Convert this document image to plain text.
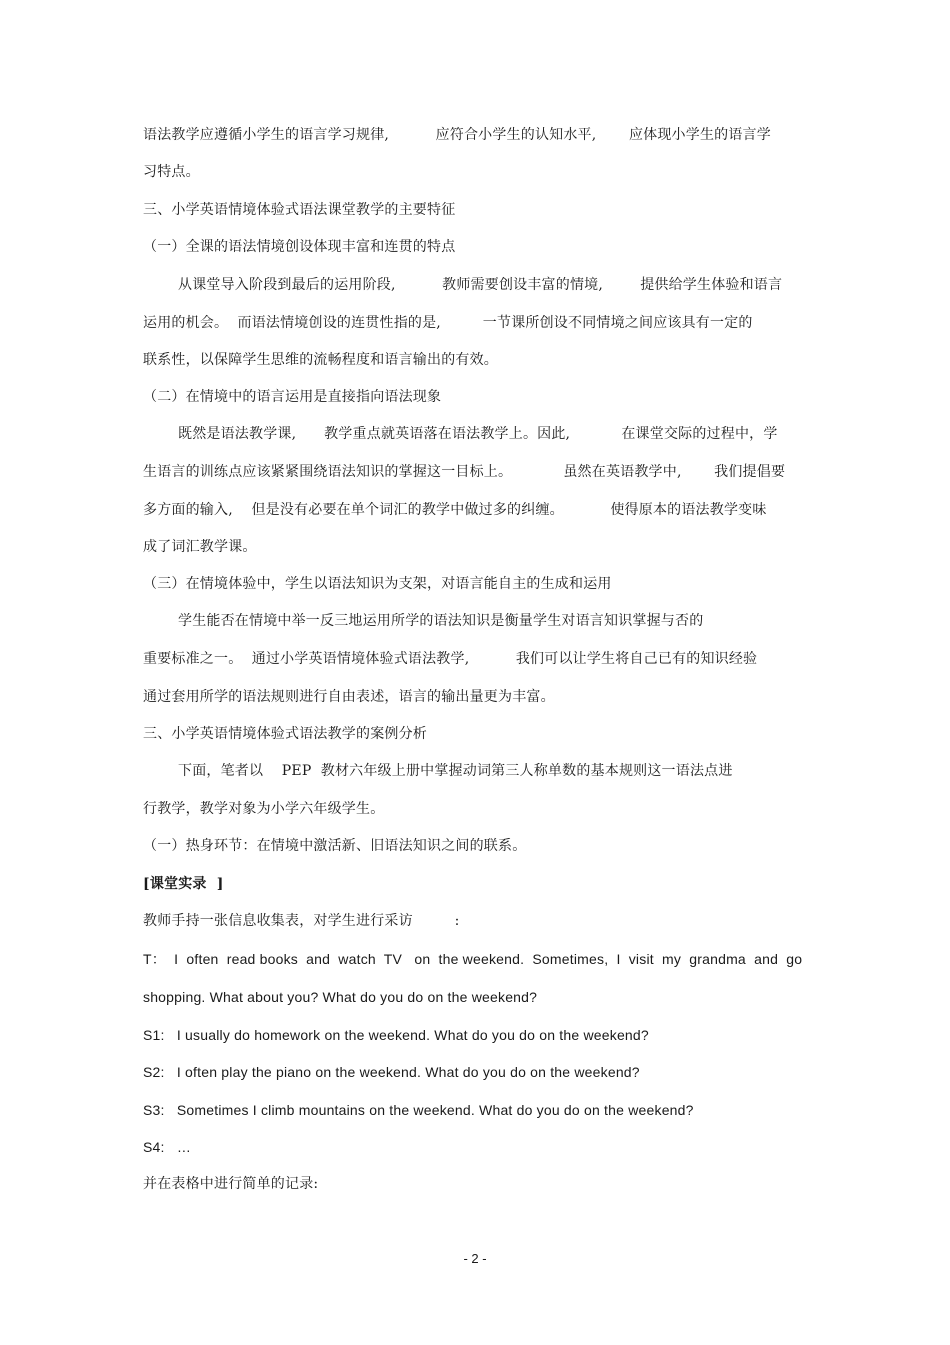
语法教学应遵循小学生的语言学习规律,          应符合小学生的认知水平,       应体现小学生的语言学
习特点。
三、小学英语情境体验式语法课堂教学的主要特征
（一）全课的语法情境创设体现丰富和连贯的特点
从课堂导入阶段到最后的运用阶段,          教师需要创设丰富的情境,        提供给学生体验和语言
运用的机会。  而语法情境创设的连贯性指的是,         一节课所创设不同情境之间应该具有一定的
联系性，以保障学生思维的流畅程度和语言输出的有效。
（二）在情境中的语言运用是直接指向语法现象
既然是语法教学课,      教学重点就英语落在语法教学上。因此,           在课堂交际的过程中，学
生语言的训练点应该紧紧围绕语法知识的掌握这一目标上。           虽然在英语教学中,       我们提倡要
多方面的输入,    但是没有必要在单个词汇的教学中做过多的纠缠。          使得原本的语法教学变味
成了词汇教学课。
（三）在情境体验中，学生以语法知识为支架，对语言能自主的生成和运用
学生能否在情境中举一反三地运用所学的语法知识是衡量学生对语言知识掌握与否的
重要标准之一。  通过小学英语情境体验式语法教学,          我们可以让学生将自己已有的知识经验
通过套用所学的语法规则进行自由表述，语言的输出量更为丰富。
三、小学英语情境体验式语法教学的案例分析
下面，笔者以    PEP  教材六年级上册中掌握动词第三人称单数的基本规则这一语法点进
行教学，教学对象为小学六年级学生。
（一）热身环节：在情境中激活新、旧语法知识之间的联系。
[课堂实录  ]
教师手持一张信息收集表，对学生进行采访         :
T：  I  often  read books  and  watch  TV   on  the weekend.  Sometimes,  I  visit  my  grandma  and  go
shopping. What about you? What do you do on the weekend?
S1:   I usually do homework on the weekend. What do you do on the weekend?
S2:   I often play the piano on the weekend. What do you do on the weekend?
S3:   Sometimes I climb mountains on the weekend. What do you do on the weekend?
S4:   …
并在表格中进行简单的记录:
- 2 -
